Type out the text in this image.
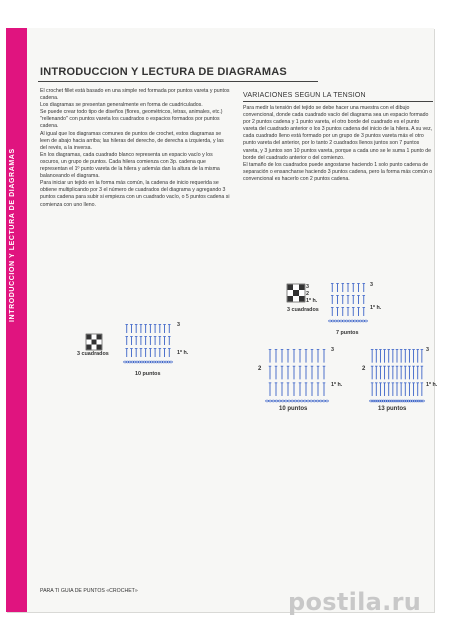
INTRODUCCION Y LECTURA DE DIAGRAMAS
INTRODUCCION Y LECTURA DE DIAGRAMAS

El crochet fillet está basado en una simple red formada por puntos vareta y puntos cadena.

Los diagramas se presentan generalmente en forma de cuadriculados.

Se puede crear todo tipo de diseños (flores, geométricos, letras, animales, etc.) "rellenando" con puntos vareta los cuadrados o espacios formados por puntos cadena.

Al igual que los diagramas comunes de puntos de crochet, estos diagramas se leen de abajo hacia arriba; las hileras del derecho, de derecha a izquierda, y las del revés, a la inversa.

En los diagramas, cada cuadrado blanco representa un espacio vacío y los oscuros, un grupo de puntos. Cada hilera comienza con 3p. cadena que representan el 1º punto vareta de la hilera y además dan la altura de la misma balanceando el diagrama.

Para iniciar un tejido en la forma más común, la cadena de inicio requerida se obtiene multiplicando por 3 el número de cuadrados del diagrama y agregando 3 puntos cadena para subir si empieza con un cuadrado vacío, o 5 puntos cadena si comienza con uno lleno.

VARIACIONES SEGUN LA TENSION

Para medir la tensión del tejido se debe hacer una muestra con el dibujo convencional, donde cada cuadrado vacío del diagrama sea un espacio formado por 2 puntos cadena y 1 punto vareta, el otro borde del cuadrado es el punto vareta del cuadrado anterior o los 3 puntos cadena del inicio de la hilera. A su vez, cada cuadrado lleno está formado por un grupo de 3 puntos vareta más el otro punto vareta del anterior, por lo tanto 2 cuadrados llenos juntos son 7 puntos vareta, y 3 juntos son 10 puntos vareta, porque a cada uno se le suma 1 punto de borde del cuadrado anterior o del comienzo.

El tamaño de los cuadrados puede angostarse haciendo 1 solo punto cadena de separación o ensancharse haciendo 3 puntos cadena, pero la forma más común o convencional es hacerlo con 2 puntos cadena.

3 cuadrados
3
1º h.
10 puntos
3
2
1º h.
3 cuadrados
3
1º h.
7 puntos
2
3
1º h.
10 puntos
2
3
1º h.
13 puntos
PARA TI GUIA DE PUNTOS «CROCHET»	postila.ru
